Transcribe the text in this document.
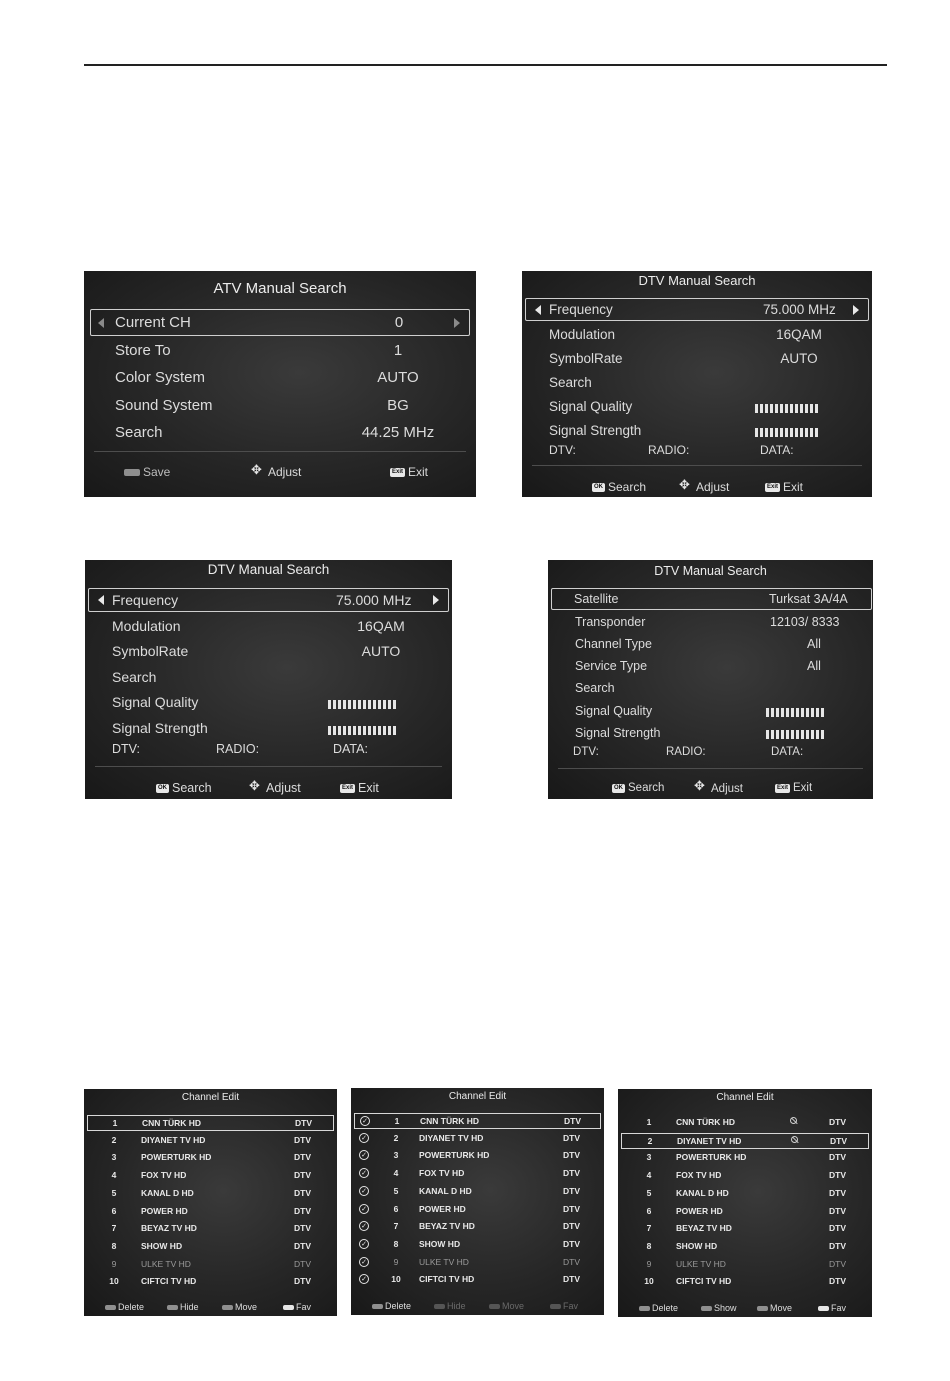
ATV Manual Search
Current CH	0
Store To	1
Color System	AUTO
Sound System	BG
Search	44.25 MHz
Save ✥	Adjust	Exit Exit
DTV Manual Search
Frequency	75.000 MHz
Modulation	16QAM
SymbolRate	AUTO
Search
Signal Quality
Signal Strength
DTV:	RADIO:	DATA:
OK Search ✥	Adjust	Exit Exit
DTV Manual Search
Frequency	75.000 MHz
Modulation	16QAM
SymbolRate	AUTO
Search
Signal Quality
Signal Strength
DTV:	RADIO:	DATA:
OK Search ✥	Adjust	Exit Exit
DTV Manual Search
Satellite	Turksat 3A/4A
Transponder	12103/ 8333
Channel Type	All
Service Type	All
Search
Signal Quality
Signal Strength
DTV:	RADIO:	DATA:
OK Search ✥	Adjust	Exit Exit
Channel Edit
1	CNN TÜRK HD	DTV
2	DIYANET TV HD	DTV
3	POWERTURK HD	DTV
4	FOX TV HD	DTV
5	KANAL D HD	DTV
6	POWER HD	DTV
7	BEYAZ TV HD	DTV
8	SHOW HD	DTV
9	ULKE TV HD	DTV
10	CIFTCI TV HD	DTV
Delete	Hide	Move	Fav
Channel Edit
✓	1	CNN TÜRK HD	DTV
✓	2	DIYANET TV HD	DTV
✓	3	POWERTURK HD	DTV
✓	4	FOX TV HD	DTV
✓	5	KANAL D HD	DTV
✓	6	POWER HD	DTV
✓	7	BEYAZ TV HD	DTV
✓	8	SHOW HD	DTV
✓	9	ULKE TV HD	DTV
✓	10	CIFTCI TV HD	DTV
Delete	Hide	Move	Fav
Channel Edit
1	CNN TÜRK HD	DTV
2	DIYANET TV HD	DTV
3	POWERTURK HD	DTV
4	FOX TV HD	DTV
5	KANAL D HD	DTV
6	POWER HD	DTV
7	BEYAZ TV HD	DTV
8	SHOW HD	DTV
9	ULKE TV HD	DTV
10	CIFTCI TV HD	DTV
Delete	Show	Move	Fav
